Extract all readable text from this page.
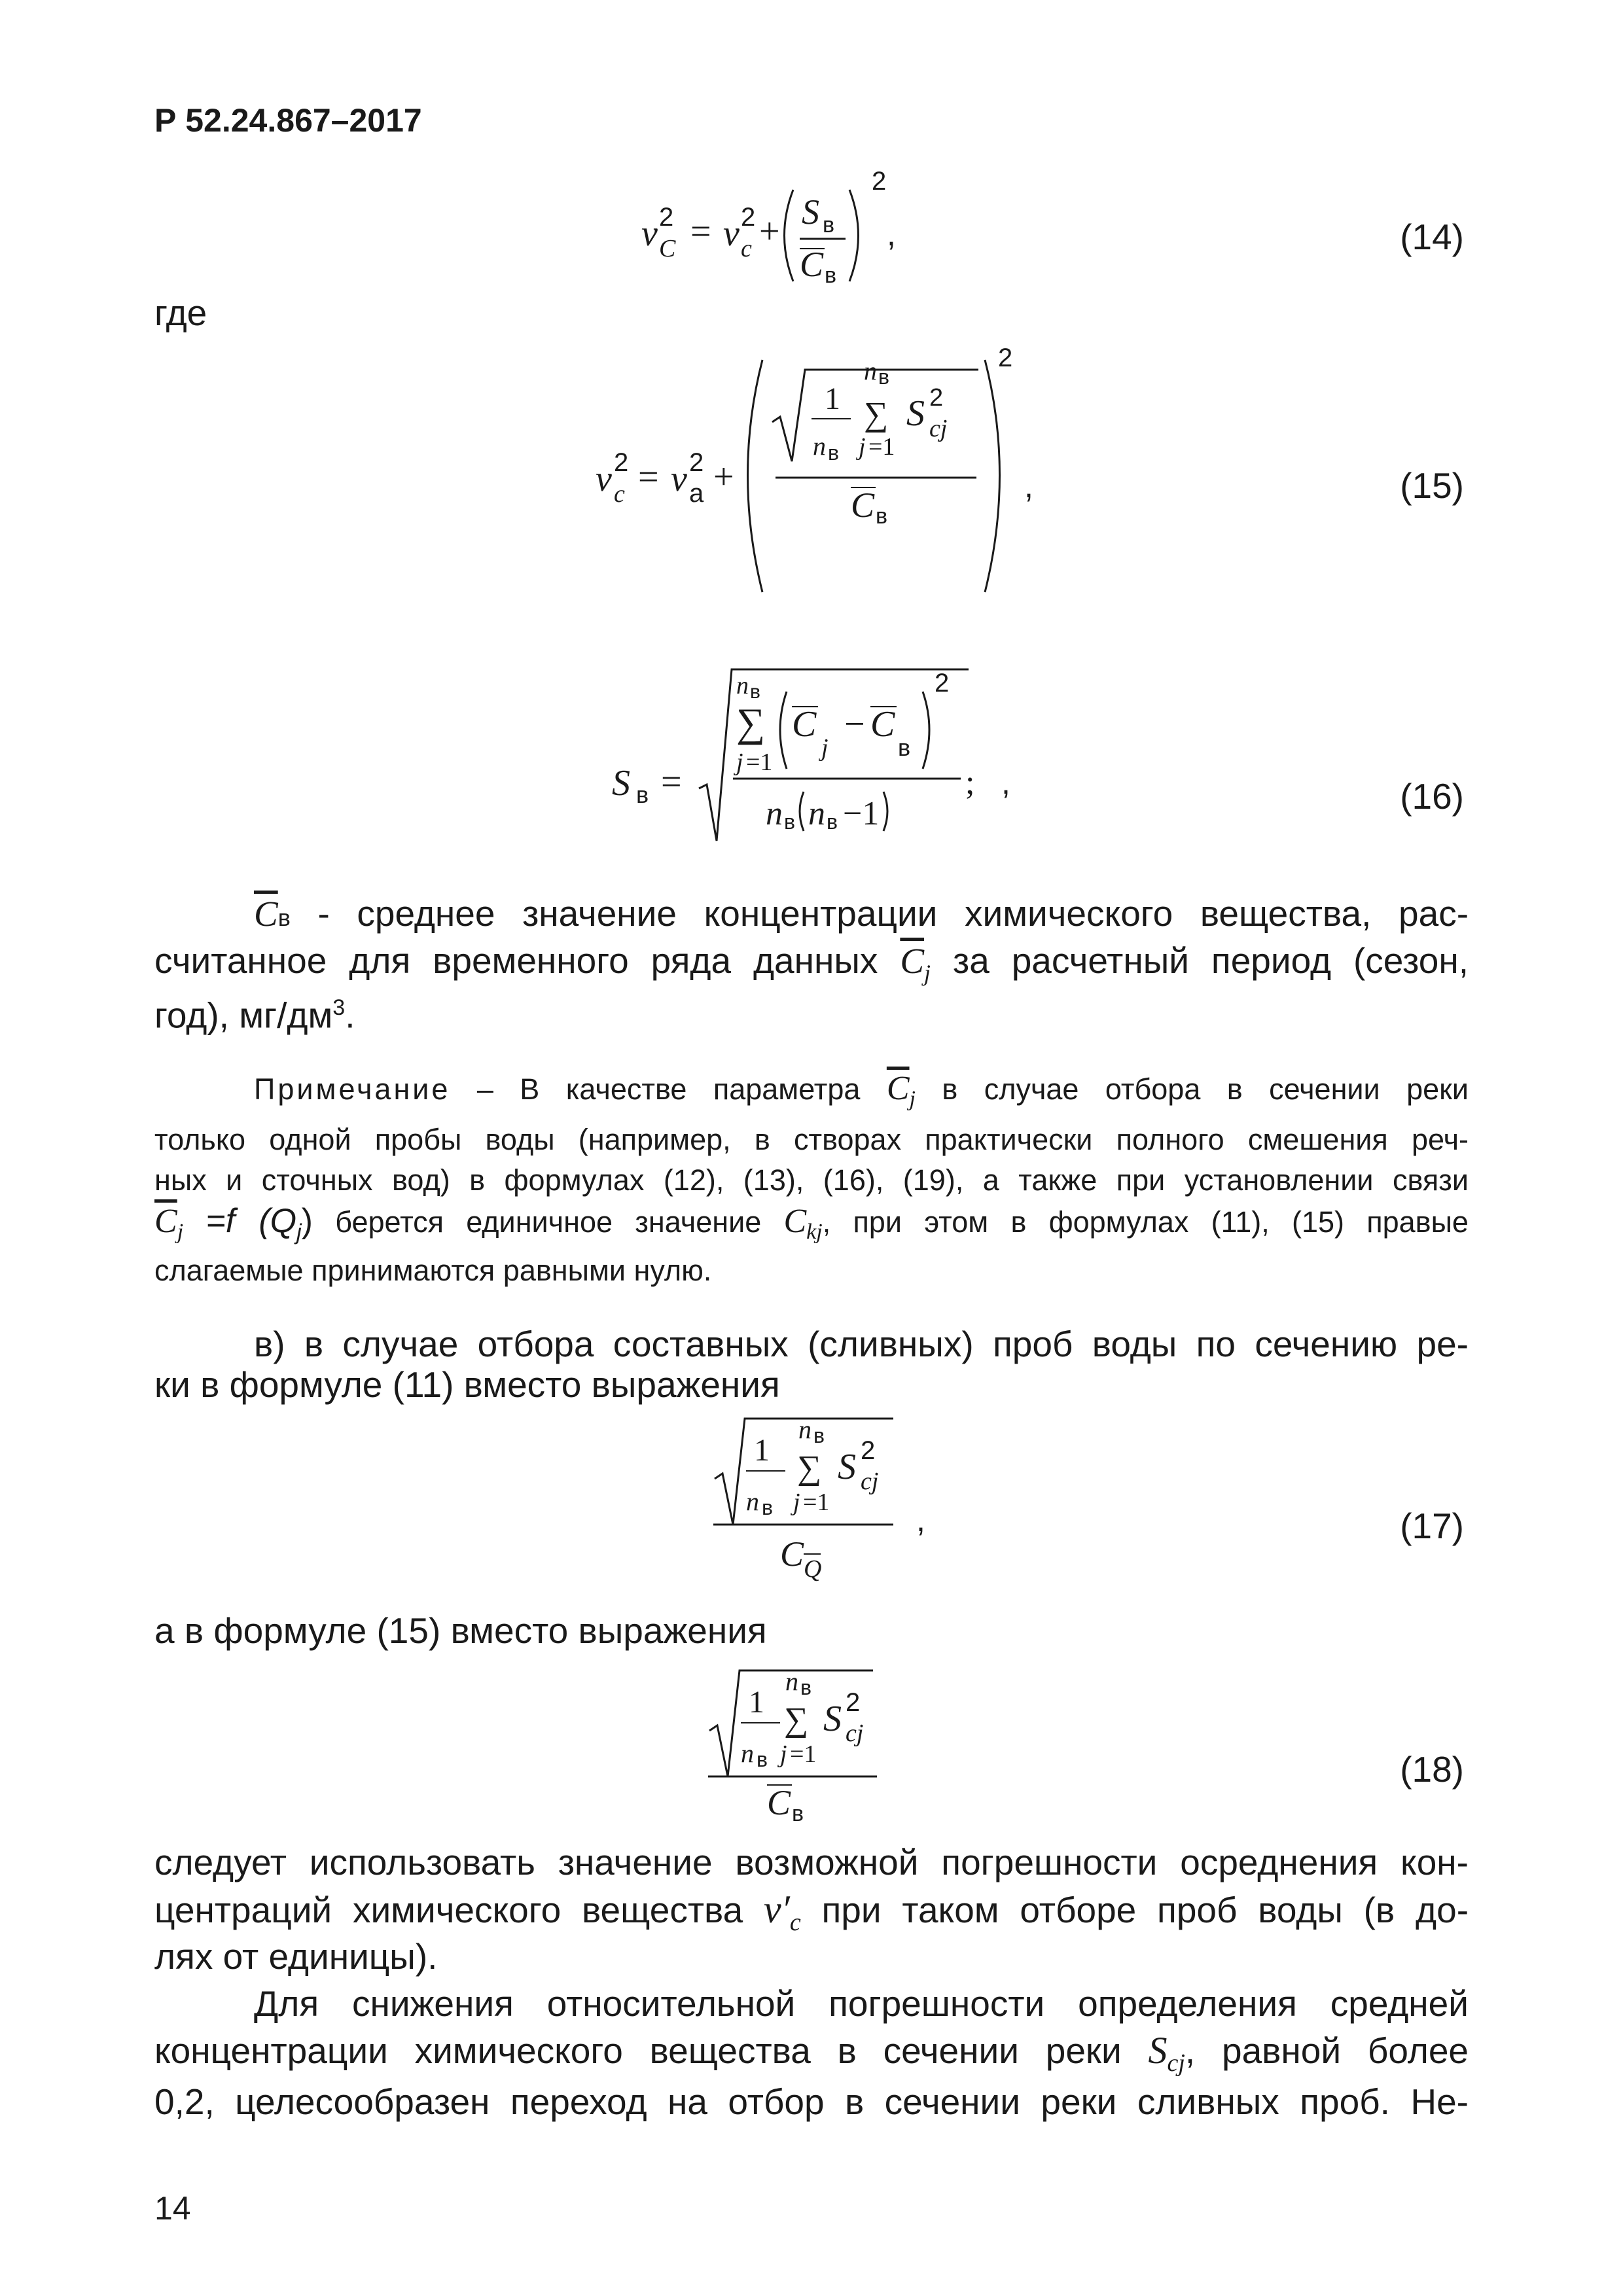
Р 52.24.867–2017
v 2
C = v 2
c + S в
C в
2
,	(14)
где
v 2
c = v 2
а +
1
n в
n в
∑
j =1
S 2
cj
C в
2
,	(15)
S в =
n в
∑
j =1
C
j
− C
в
2
n в n в −1
; ,	(16)
$\overline{C}в$ - среднее значение концентрации химического вещества, рас-
считанное для временного ряда данных $\overline{C}_j$ за расчетный период (сезон,
год), $мг/дм^3$.
Примечание – В качестве параметра $\overline{C}_j$ в случае отбора в сечении реки
только одной пробы воды (например, в створах практически полного смешения реч-
ных и сточных вод) в формулах (12), (13), (16), (19), а также при установлении связи
$\overline{C}_j =f$ $(Q_j)$ берется единичное значение $C_{kj}$, при этом в формулах (11), (15) правые
слагаемые принимаются равными нулю.
в) в случае отбора составных (сливных) проб воды по сечению ре-
ки в формуле (11) вместо выражения
1
n в
n в
∑
j =1
S 2
cj
C Q
,	(17)
а в формуле (15) вместо выражения
1
n в
n в
∑
j =1
S 2
cj
C в
(18)
следует использовать значение возможной погрешности осреднения кон-
центраций химического вещества $v'_c$ при таком отборе проб воды (в до-
лях от единицы).
Для снижения относительной погрешности определения средней
концентрации химического вещества в сечении реки $S_{cj}$, равной более
0,2, целесообразен переход на отбор в сечении реки сливных проб. Не-
14
